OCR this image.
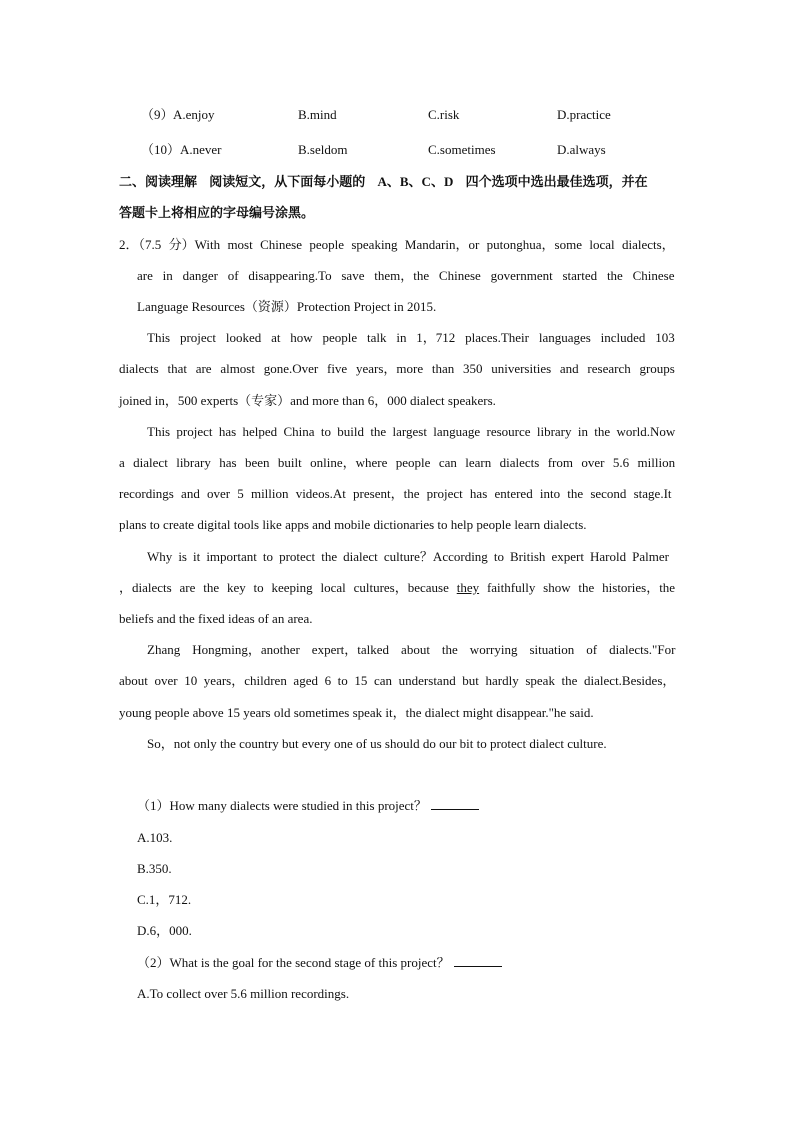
（9） A.enjoy	B.mind	C.risk	D.practice
（10） A.never	B.seldom	C.sometimes	D.always
二、阅读理解 阅读短文，从下面每小题的 A、B、C、D 四个选项中选出最佳选项，并在
答题卡上将相应的字母编号涂黑。
2．（7.5 分）With most Chinese people speaking Mandarin，or putonghua，some local dialects，
are in danger of disappearing.To save them，the Chinese government started the Chinese
Language Resources（资源）Protection Project in 2015.
This project looked at how people talk in 1，712 places.Their languages included 103
dialects that are almost gone.Over five years，more than 350 universities and research groups
joined in，500 experts（专家）and more than 6，000 dialect speakers.
This project has helped China to build the largest language resource library in the world.Now
a dialect library has been built online，where people can learn dialects from over 5.6 million
recordings and over 5 million videos.At present，the project has entered into the second stage.It
plans to create digital tools like apps and mobile dictionaries to help people learn dialects.
Why is it important to protect the dialect culture？According to British expert Harold Palmer
，dialects are the key to keeping local cultures，because they faithfully show the histories，the
beliefs and the fixed ideas of an area.
Zhang Hongming，another expert，talked about the worrying situation of dialects."For
about over 10 years，children aged 6 to 15 can understand but hardly speak the dialect.Besides，
young people above 15 years old sometimes speak it，the dialect might disappear."he said.
So，not only the country but every one of us should do our bit to protect dialect culture.
（1）How many dialects were studied in this project？
A.103.
B.350.
C.1，712.
D.6，000.
（2）What is the goal for the second stage of this project？
A.To collect over 5.6 million recordings.
